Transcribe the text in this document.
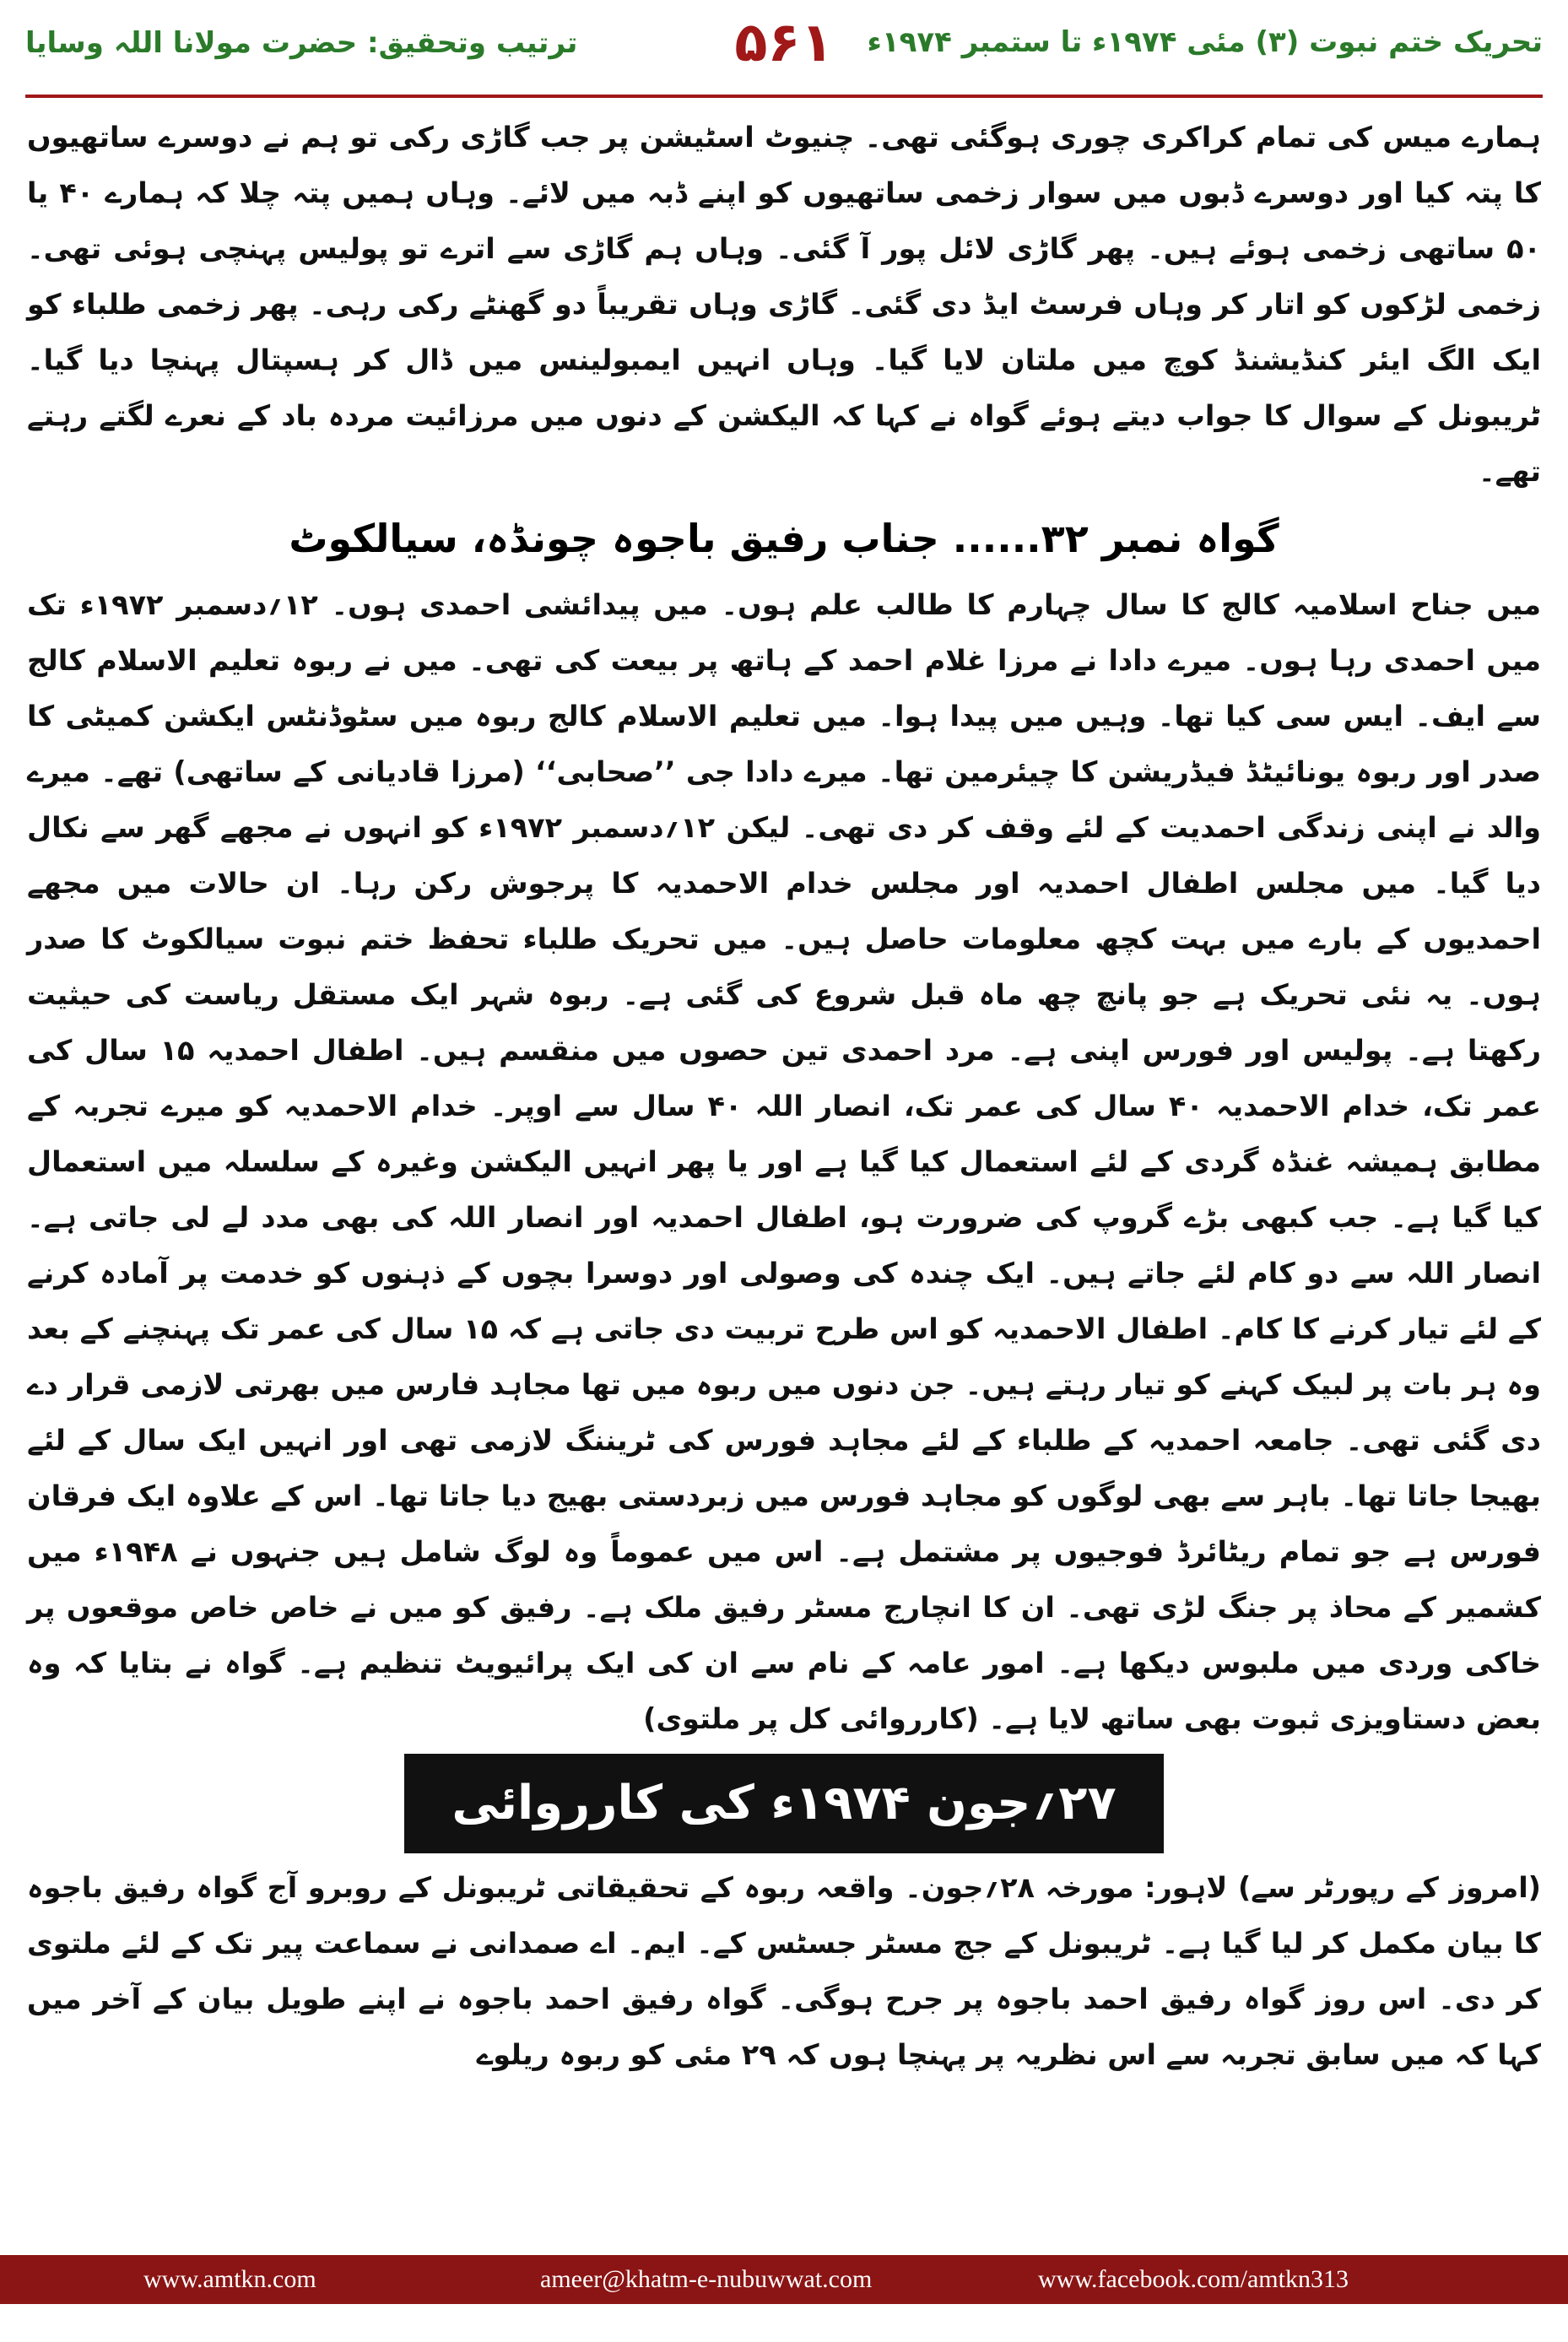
تحریک ختم نبوت (۳) مئی ۱۹۷۴ء تا ستمبر ۱۹۷۴ء
۵۶۱
ترتیب وتحقیق: حضرت مولانا اللہ وسایا

ہمارے میس کی تمام کراکری چوری ہوگئی تھی۔ چنیوٹ اسٹیشن پر جب گاڑی رکی تو ہم نے دوسرے ساتھیوں کا پتہ کیا اور دوسرے ڈبوں میں سوار زخمی ساتھیوں کو اپنے ڈبہ میں لائے۔ وہاں ہمیں پتہ چلا کہ ہمارے ۴۰ یا ۵۰ ساتھی زخمی ہوئے ہیں۔ پھر گاڑی لائل پور آ گئی۔ وہاں ہم گاڑی سے اترے تو پولیس پہنچی ہوئی تھی۔ زخمی لڑکوں کو اتار کر وہاں فرسٹ ایڈ دی گئی۔ گاڑی وہاں تقریباً دو گھنٹے رکی رہی۔ پھر زخمی طلباء کو ایک الگ ایئر کنڈیشنڈ کوچ میں ملتان لایا گیا۔ وہاں انہیں ایمبولینس میں ڈال کر ہسپتال پہنچا دیا گیا۔ ٹریبونل کے سوال کا جواب دیتے ہوئے گواہ نے کہا کہ الیکشن کے دنوں میں مرزائیت مردہ باد کے نعرے لگتے رہتے تھے۔

گواہ نمبر ۳۲...... جناب رفیق باجوہ چونڈہ، سیالکوٹ

میں جناح اسلامیہ کالج کا سال چہارم کا طالب علم ہوں۔ میں پیدائشی احمدی ہوں۔ ۱۲؍دسمبر ۱۹۷۲ء تک میں احمدی رہا ہوں۔ میرے دادا نے مرزا غلام احمد کے ہاتھ پر بیعت کی تھی۔ میں نے ربوہ تعلیم الاسلام کالج سے ایف۔ ایس سی کیا تھا۔ وہیں میں پیدا ہوا۔ میں تعلیم الاسلام کالج ربوہ میں سٹوڈنٹس ایکشن کمیٹی کا صدر اور ربوہ یونائیٹڈ فیڈریشن کا چیئرمین تھا۔ میرے دادا جی ’’صحابی‘‘ (مرزا قادیانی کے ساتھی) تھے۔ میرے والد نے اپنی زندگی احمدیت کے لئے وقف کر دی تھی۔ لیکن ۱۲؍دسمبر ۱۹۷۲ء کو انہوں نے مجھے گھر سے نکال دیا گیا۔ میں مجلس اطفال احمدیہ اور مجلس خدام الاحمدیہ کا پرجوش رکن رہا۔ ان حالات میں مجھے احمدیوں کے بارے میں بہت کچھ معلومات حاصل ہیں۔ میں تحریک طلباء تحفظ ختم نبوت سیالکوٹ کا صدر ہوں۔ یہ نئی تحریک ہے جو پانچ چھ ماہ قبل شروع کی گئی ہے۔ ربوہ شہر ایک مستقل ریاست کی حیثیت رکھتا ہے۔ پولیس اور فورس اپنی ہے۔ مرد احمدی تین حصوں میں منقسم ہیں۔ اطفال احمدیہ ۱۵ سال کی عمر تک، خدام الاحمدیہ ۴۰ سال کی عمر تک، انصار اللہ ۴۰ سال سے اوپر۔ خدام الاحمدیہ کو میرے تجربہ کے مطابق ہمیشہ غنڈہ گردی کے لئے استعمال کیا گیا ہے اور یا پھر انہیں الیکشن وغیرہ کے سلسلہ میں استعمال کیا گیا ہے۔ جب کبھی بڑے گروپ کی ضرورت ہو، اطفال احمدیہ اور انصار اللہ کی بھی مدد لے لی جاتی ہے۔ انصار اللہ سے دو کام لئے جاتے ہیں۔ ایک چندہ کی وصولی اور دوسرا بچوں کے ذہنوں کو خدمت پر آمادہ کرنے کے لئے تیار کرنے کا کام۔ اطفال الاحمدیہ کو اس طرح تربیت دی جاتی ہے کہ ۱۵ سال کی عمر تک پہنچنے کے بعد وہ ہر بات پر لبیک کہنے کو تیار رہتے ہیں۔ جن دنوں میں ربوہ میں تھا مجاہد فارس میں بھرتی لازمی قرار دے دی گئی تھی۔ جامعہ احمدیہ کے طلباء کے لئے مجاہد فورس کی ٹریننگ لازمی تھی اور انہیں ایک سال کے لئے بھیجا جاتا تھا۔ باہر سے بھی لوگوں کو مجاہد فورس میں زبردستی بھیج دیا جاتا تھا۔ اس کے علاوہ ایک فرقان فورس ہے جو تمام ریٹائرڈ فوجیوں پر مشتمل ہے۔ اس میں عموماً وہ لوگ شامل ہیں جنہوں نے ۱۹۴۸ء میں کشمیر کے محاذ پر جنگ لڑی تھی۔ ان کا انچارج مسٹر رفیق ملک ہے۔ رفیق کو میں نے خاص خاص موقعوں پر خاکی وردی میں ملبوس دیکھا ہے۔ امور عامہ کے نام سے ان کی ایک پرائیویٹ تنظیم ہے۔ گواہ نے بتایا کہ وہ بعض دستاویزی ثبوت بھی ساتھ لایا ہے۔ (کارروائی کل پر ملتوی)

۲۷؍جون ۱۹۷۴ء کی کارروائی

(امروز کے رپورٹر سے) لاہور: مورخہ ۲۸؍جون۔ واقعہ ربوہ کے تحقیقاتی ٹریبونل کے روبرو آج گواہ رفیق باجوہ کا بیان مکمل کر لیا گیا ہے۔ ٹریبونل کے جج مسٹر جسٹس کے۔ ایم۔ اے صمدانی نے سماعت پیر تک کے لئے ملتوی کر دی۔ اس روز گواہ رفیق احمد باجوہ پر جرح ہوگی۔ گواہ رفیق احمد باجوہ نے اپنے طویل بیان کے آخر میں کہا کہ میں سابق تجربہ سے اس نظریہ پر پہنچا ہوں کہ ۲۹ مئی کو ربوہ ریلوے

www.amtkn.com	ameer@khatm-e-nubuwwat.com	www.facebook.com/amtkn313
